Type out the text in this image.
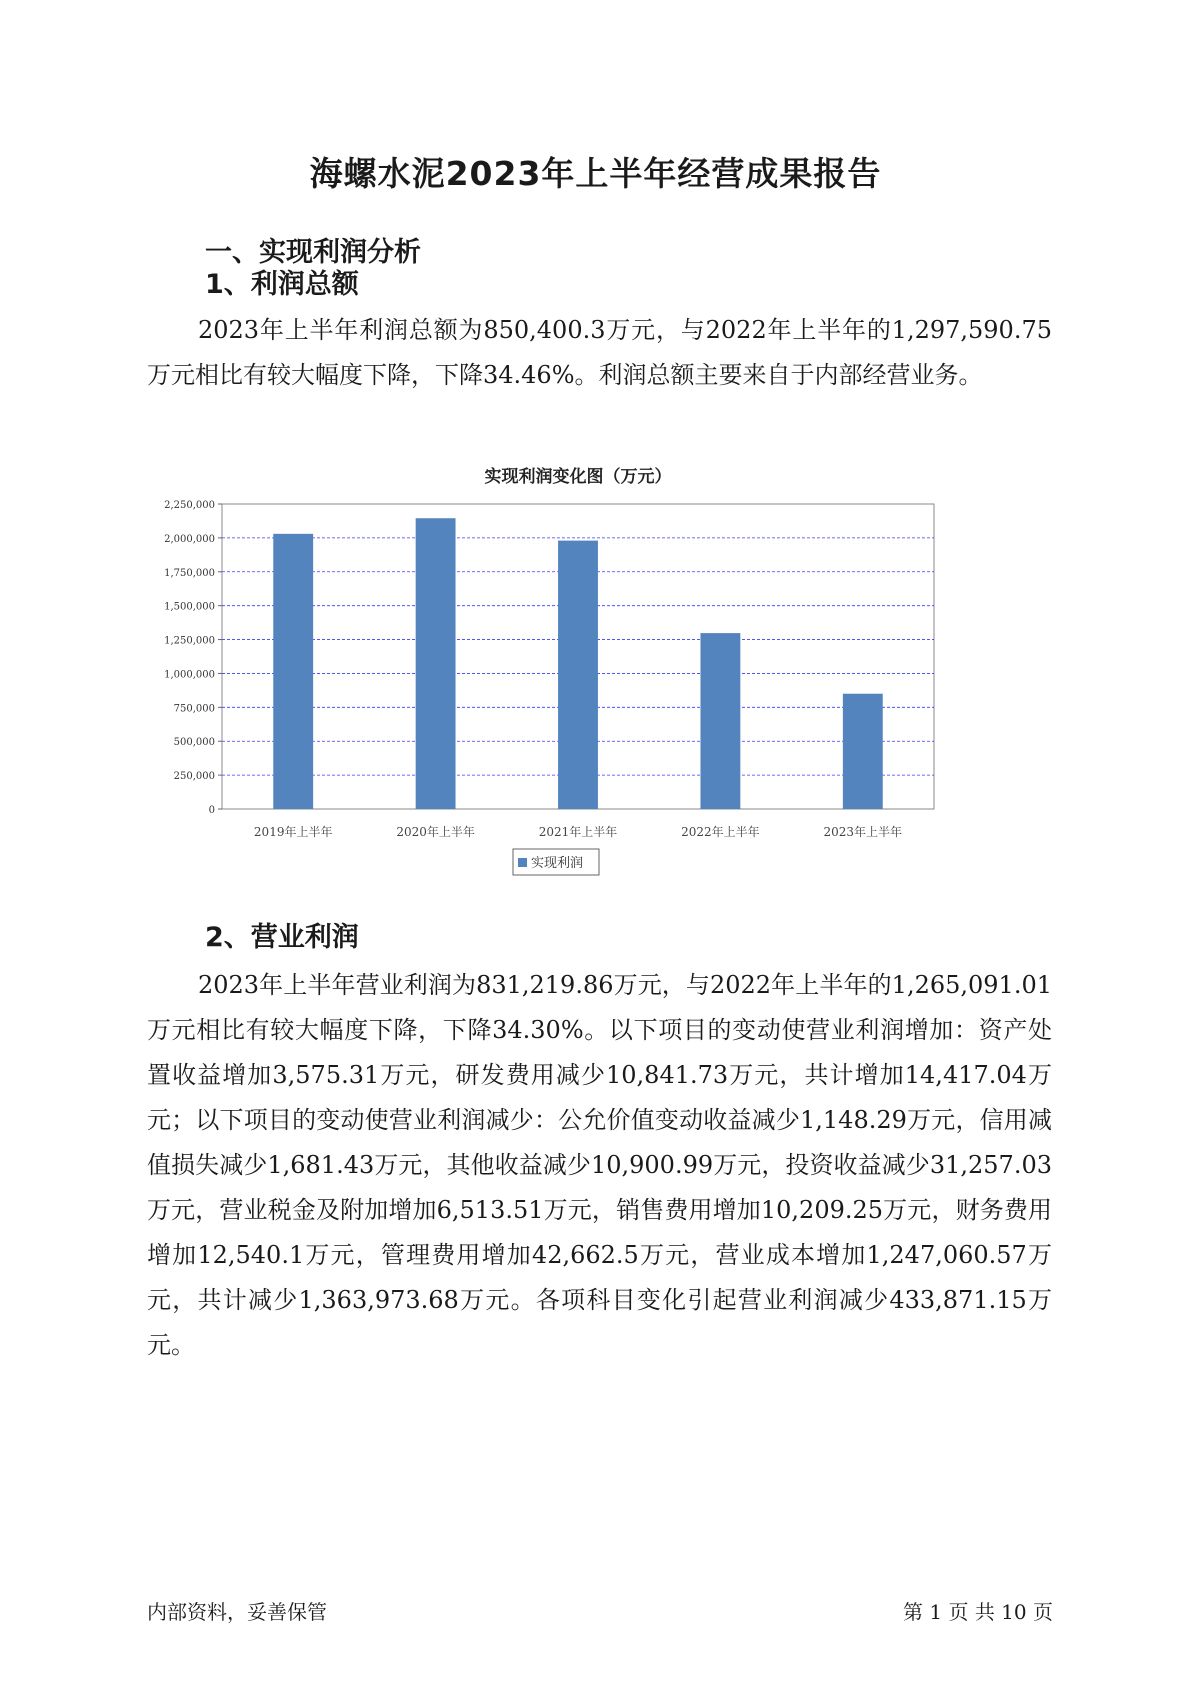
海螺水泥2023年上半年经营成果报告
一、实现利润分析
1、利润总额

2023年上半年利润总额为850,400.3万元，与2022年上半年的1,297,590.75万元相比有较大幅度下降，下降34.46%。利润总额主要来自于内部经营业务。

实现利润变化图（万元）
0
250,000
500,000
750,000
1,000,000
1,250,000
1,500,000
1,750,000
2,000,000
2,250,000
2019年上半年	2020年上半年	2021年上半年	2022年上半年	2023年上半年
实现利润
2、营业利润

2023年上半年营业利润为831,219.86万元，与2022年上半年的1,265,091.01万元相比有较大幅度下降，下降34.30%。以下项目的变动使营业利润增加：资产处置收益增加3,575.31万元，研发费用减少10,841.73万元，共计增加14,417.04万元；以下项目的变动使营业利润减少：公允价值变动收益减少1,148.29万元，信用减值损失减少1,681.43万元，其他收益减少10,900.99万元，投资收益减少31,257.03万元，营业税金及附加增加6,513.51万元，销售费用增加10,209.25万元，财务费用增加12,540.1万元，管理费用增加42,662.5万元，营业成本增加1,247,060.57万元，共计减少1,363,973.68万元。各项科目变化引起营业利润减少433,871.15万元。

内部资料，妥善保管	第 1 页 共 10 页
